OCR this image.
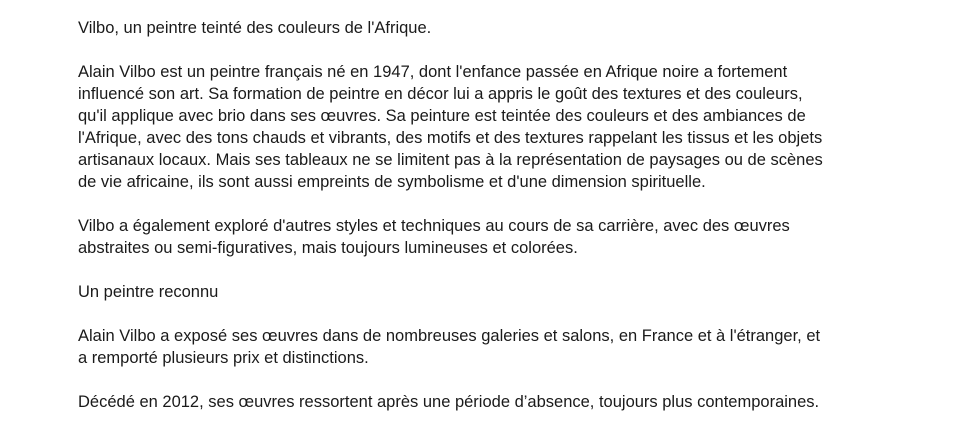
Vilbo, un peintre teinté des couleurs de l'Afrique.

Alain Vilbo est un peintre français né en 1947, dont l'enfance passée en Afrique noire a fortement
influencé son art. Sa formation de peintre en décor lui a appris le goût des textures et des couleurs,
qu'il applique avec brio dans ses œuvres. Sa peinture est teintée des couleurs et des ambiances de
l'Afrique, avec des tons chauds et vibrants, des motifs et des textures rappelant les tissus et les objets
artisanaux locaux. Mais ses tableaux ne se limitent pas à la représentation de paysages ou de scènes
de vie africaine, ils sont aussi empreints de symbolisme et d'une dimension spirituelle.

Vilbo a également exploré d'autres styles et techniques au cours de sa carrière, avec des œuvres
abstraites ou semi-figuratives, mais toujours lumineuses et colorées.

Un peintre reconnu

Alain Vilbo a exposé ses œuvres dans de nombreuses galeries et salons, en France et à l'étranger, et
a remporté plusieurs prix et distinctions.

Décédé en 2012, ses œuvres ressortent après une période d’absence, toujours plus contemporaines.
